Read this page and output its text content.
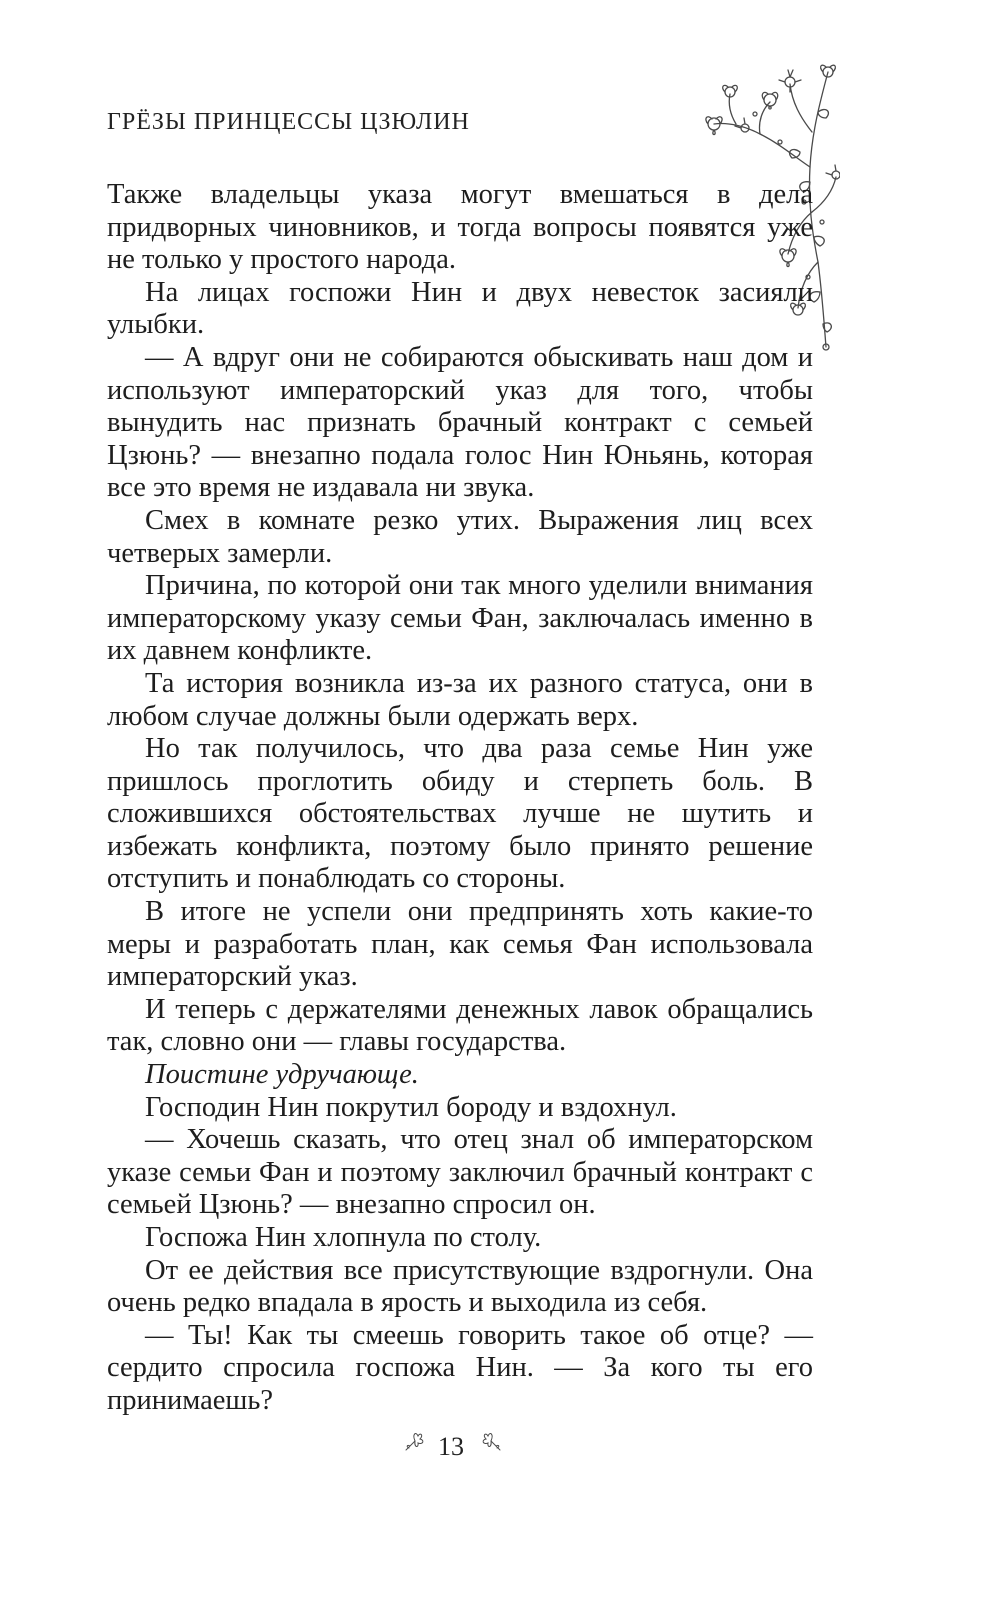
ГРЁЗЫ ПРИНЦЕССЫ ЦЗЮЛИН

Также владельцы указа могут вмешаться в дела придворных чиновников, и тогда вопросы появятся уже не только у простого народа.

На лицах госпожи Нин и двух невесток засияли улыбки.

— А вдруг они не собираются обыскивать наш дом и используют императорский указ для того, чтобы вынудить нас признать брачный контракт с семьей Цзюнь? — внезапно подала голос Нин Юньянь, которая все это время не издавала ни звука.

Смех в комнате резко утих. Выражения лиц всех четверых замерли.

Причина, по которой они так много уделили внимания императорскому указу семьи Фан, заключалась именно в их давнем конфликте.

Та история возникла из-за их разного статуса, они в любом случае должны были одержать верх.

Но так получилось, что два раза семье Нин уже пришлось проглотить обиду и стерпеть боль. В сложившихся обстоятельствах лучше не шутить и избежать конфликта, поэтому было принято решение отступить и понаблюдать со стороны.

В итоге не успели они предпринять хоть какие-то меры и разработать план, как семья Фан использовала императорский указ.

И теперь с держателями денежных лавок обращались так, словно они — главы государства.

Поистине удручающе.

Господин Нин покрутил бороду и вздохнул.

— Хочешь сказать, что отец знал об императорском указе семьи Фан и поэтому заключил брачный контракт с семьей Цзюнь? — внезапно спросил он.

Госпожа Нин хлопнула по столу.

От ее действия все присутствующие вздрогнули. Она очень редко впадала в ярость и выходила из себя.

— Ты! Как ты смеешь говорить такое об отце? — сердито спросила госпожа Нин. — За кого ты его принимаешь?

13
